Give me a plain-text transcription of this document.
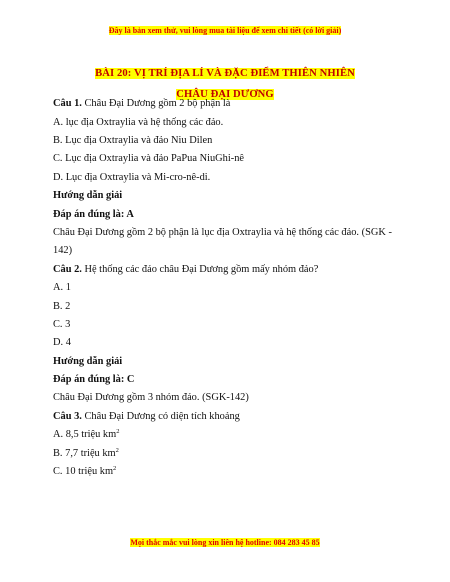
Đây là bản xem thử, vui lòng mua tài liệu để xem chi tiết (có lời giải)
BÀI 20: VỊ TRÍ ĐỊA LÍ VÀ ĐẶC ĐIỂM THIÊN NHIÊN
CHÂU ĐẠI DƯƠNG
Câu 1. Châu Đại Dương gồm 2 bộ phận là
A. lục địa Oxtraylia và hệ thống các đảo.
B. Lục địa Oxtraylia và đảo Niu Dilen
C. Lục địa Oxtraylia và đảo PaPua NiuGhi-nê
D. Lục địa Oxtraylia và Mi-cro-nê-di.
Hướng dẫn giải
Đáp án đúng là: A
Châu Đại Dương gồm 2 bộ phận là lục địa Oxtraylia và hệ thống các đảo. (SGK -
142)
Câu 2. Hệ thống các đảo châu Đại Dương gồm mấy nhóm đảo?
A. 1
B. 2
C. 3
D. 4
Hướng dẫn giải
Đáp án đúng là: C
Châu Đại Dương gồm 3 nhóm đảo. (SGK-142)
Câu 3. Châu Đại Dương có diện tích khoảng
A. 8,5 triệu $km^2$
B. 7,7 triệu $km^2$
C. 10 triệu $km^2$
Mọi thắc mắc vui lòng xin liên hệ hotline: 084 283 45 85
